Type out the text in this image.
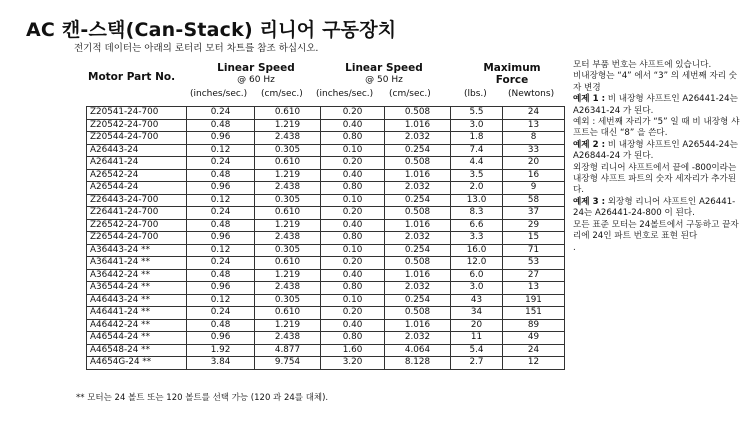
AC 캔-스택(Can-Stack) 리니어 구동장치
전기적 데이터는 아래의 로터리 모터 차트를 참조 하십시오.
Motor Part No.
Linear Speed
@ 60 Hz
Linear Speed
@ 50 Hz
Maximum
Force
(inches/sec.) (cm/sec.) (inches/sec.) (cm/sec.)	(lbs.) (Newtons)
Z20541-24-700	0.24	0.610	0.20	0.508	5.5	24
Z20542-24-700	0.48	1.219	0.40	1.016	3.0	13
Z20544-24-700	0.96	2.438	0.80	2.032	1.8	8
A26443-24	0.12	0.305	0.10	0.254	7.4	33
A26441-24	0.24	0.610	0.20	0.508	4.4	20
A26542-24	0.48	1.219	0.40	1.016	3.5	16
A26544-24	0.96	2.438	0.80	2.032	2.0	9
Z26443-24-700	0.12	0.305	0.10	0.254	13.0	58
Z26441-24-700	0.24	0.610	0.20	0.508	8.3	37
Z26542-24-700	0.48	1.219	0.40	1.016	6.6	29
Z26544-24-700	0.96	2.438	0.80	2.032	3.3	15
A36443-24 **	0.12	0.305	0.10	0.254	16.0	71
A36441-24 **	0.24	0.610	0.20	0.508	12.0	53
A36442-24 **	0.48	1.219	0.40	1.016	6.0	27
A36544-24 **	0.96	2.438	0.80	2.032	3.0	13
A46443-24 **	0.12	0.305	0.10	0.254	43	191
A46441-24 **	0.24	0.610	0.20	0.508	34	151
A46442-24 **	0.48	1.219	0.40	1.016	20	89
A46544-24 **	0.96	2.438	0.80	2.032	11	49
A46548-24 **	1.92	4.877	1.60	4.064	5.4	24
A4654G-24 **	3.84	9.754	3.20	8.128	2.7	12
** 모터는 24 볼트 또는 120 볼트를 선택 가능 (120 과 24를 대체).

모터 부품 번호는 샤프트에 있습니다.

비내장형는 “4” 에서 “3” 의 세번째 자리 숫자 변경

예제 1 : 비 내장형 샤프트인 A26441-24는 A26341-24 가 된다.

예외 : 세번째 자리가 “5” 일 때 비 내장형 샤프트는 대신 “8” 을 쓴다.

예제 2 : 비 내장형 샤프트인 A26544-24는 A26844-24 가 된다.

외장형 리니어 샤프트에서 끝에 -800이라는 내장형 샤프트 파트의 숫자 세자리가 추가된다.

예제 3 : 외장형 리니어 샤프트인 A26441-24는 A26441-24-800 이 된다.

모든 표준 모터는 24볼트에서 구동하고 끝자리에 24인 파트 번호로 표현 된다

.
